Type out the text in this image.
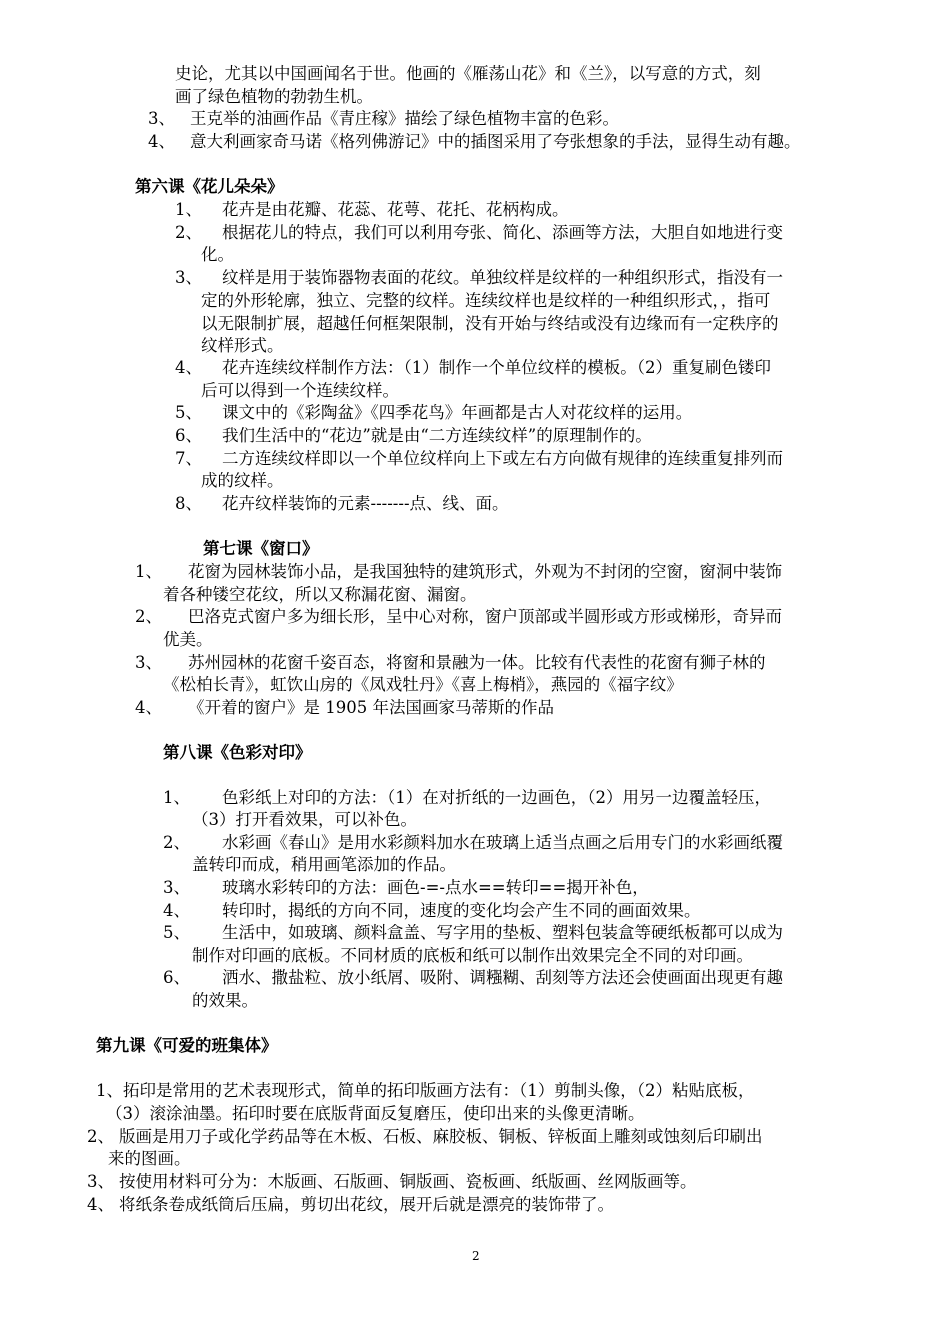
史论，尤其以中国画闻名于世。他画的《雁荡山花》和《兰》，以写意的方式，刻
画了绿色植物的勃勃生机。
3、 王克举的油画作品《青庄稼》描绘了绿色植物丰富的色彩。
4、 意大利画家奇马诺《格列佛游记》中的插图采用了夸张想象的手法，显得生动有趣。
第六课《花儿朵朵》
1、 花卉是由花瓣、花蕊、花萼、花托、花柄构成。
2、 根据花儿的特点，我们可以利用夸张、简化、添画等方法，大胆自如地进行变
化。
3、 纹样是用于装饰器物表面的花纹。单独纹样是纹样的一种组织形式，指没有一
定的外形轮廓，独立、完整的纹样。连续纹样也是纹样的一种组织形式，，指可
以无限制扩展，超越任何框架限制，没有开始与终结或没有边缘而有一定秩序的
纹样形式。
4、 花卉连续纹样制作方法：（1）制作一个单位纹样的模板。（2）重复刷色镂印
后可以得到一个连续纹样。
5、 课文中的《彩陶盆》《四季花鸟》年画都是古人对花纹样的运用。
6、 我们生活中的“花边”就是由“二方连续纹样”的原理制作的。
7、 二方连续纹样即以一个单位纹样向上下或左右方向做有规律的连续重复排列而
成的纹样。
8、 花卉纹样装饰的元素-------点、线、面。
第七课《窗口》
1、 花窗为园林装饰小品，是我国独特的建筑形式，外观为不封闭的空窗，窗洞中装饰
着各种镂空花纹，所以又称漏花窗、漏窗。
2、 巴洛克式窗户多为细长形，呈中心对称，窗户顶部或半圆形或方形或梯形，奇异而
优美。
3、 苏州园林的花窗千姿百态，将窗和景融为一体。比较有代表性的花窗有狮子林的
《松柏长青》，虹饮山房的《凤戏牡丹》《喜上梅梢》，燕园的《福字纹》
4、 《开着的窗户》是 1905 年法国画家马蒂斯的作品
第八课《色彩对印》
1、 色彩纸上对印的方法：（1）在对折纸的一边画色，（2）用另一边覆盖轻压，
（3）打开看效果，可以补色。
2、 水彩画《春山》是用水彩颜料加水在玻璃上适当点画之后用专门的水彩画纸覆
盖转印而成，稍用画笔添加的作品。
3、 玻璃水彩转印的方法：画色-=-点水==转印==揭开补色，
4、 转印时，揭纸的方向不同，速度的变化均会产生不同的画面效果。
5、 生活中，如玻璃、颜料盒盖、写字用的垫板、塑料包装盒等硬纸板都可以成为
制作对印画的底板。不同材质的底板和纸可以制作出效果完全不同的对印画。
6、 洒水、撒盐粒、放小纸屑、吸附、调糨糊、刮刻等方法还会使画面出现更有趣
的效果。
第九课《可爱的班集体》
1、拓印是常用的艺术表现形式，简单的拓印版画方法有：（1）剪制头像，（2）粘贴底板，
（3）滚涂油墨。拓印时要在底版背面反复磨压，使印出来的头像更清晰。
2、 版画是用刀子或化学药品等在木板、石板、麻胶板、铜板、锌板面上雕刻或蚀刻后印刷出
来的图画。
3、 按使用材料可分为：木版画、石版画、铜版画、瓷板画、纸版画、丝网版画等。
4、 将纸条卷成纸筒后压扁，剪切出花纹，展开后就是漂亮的装饰带了。
2
